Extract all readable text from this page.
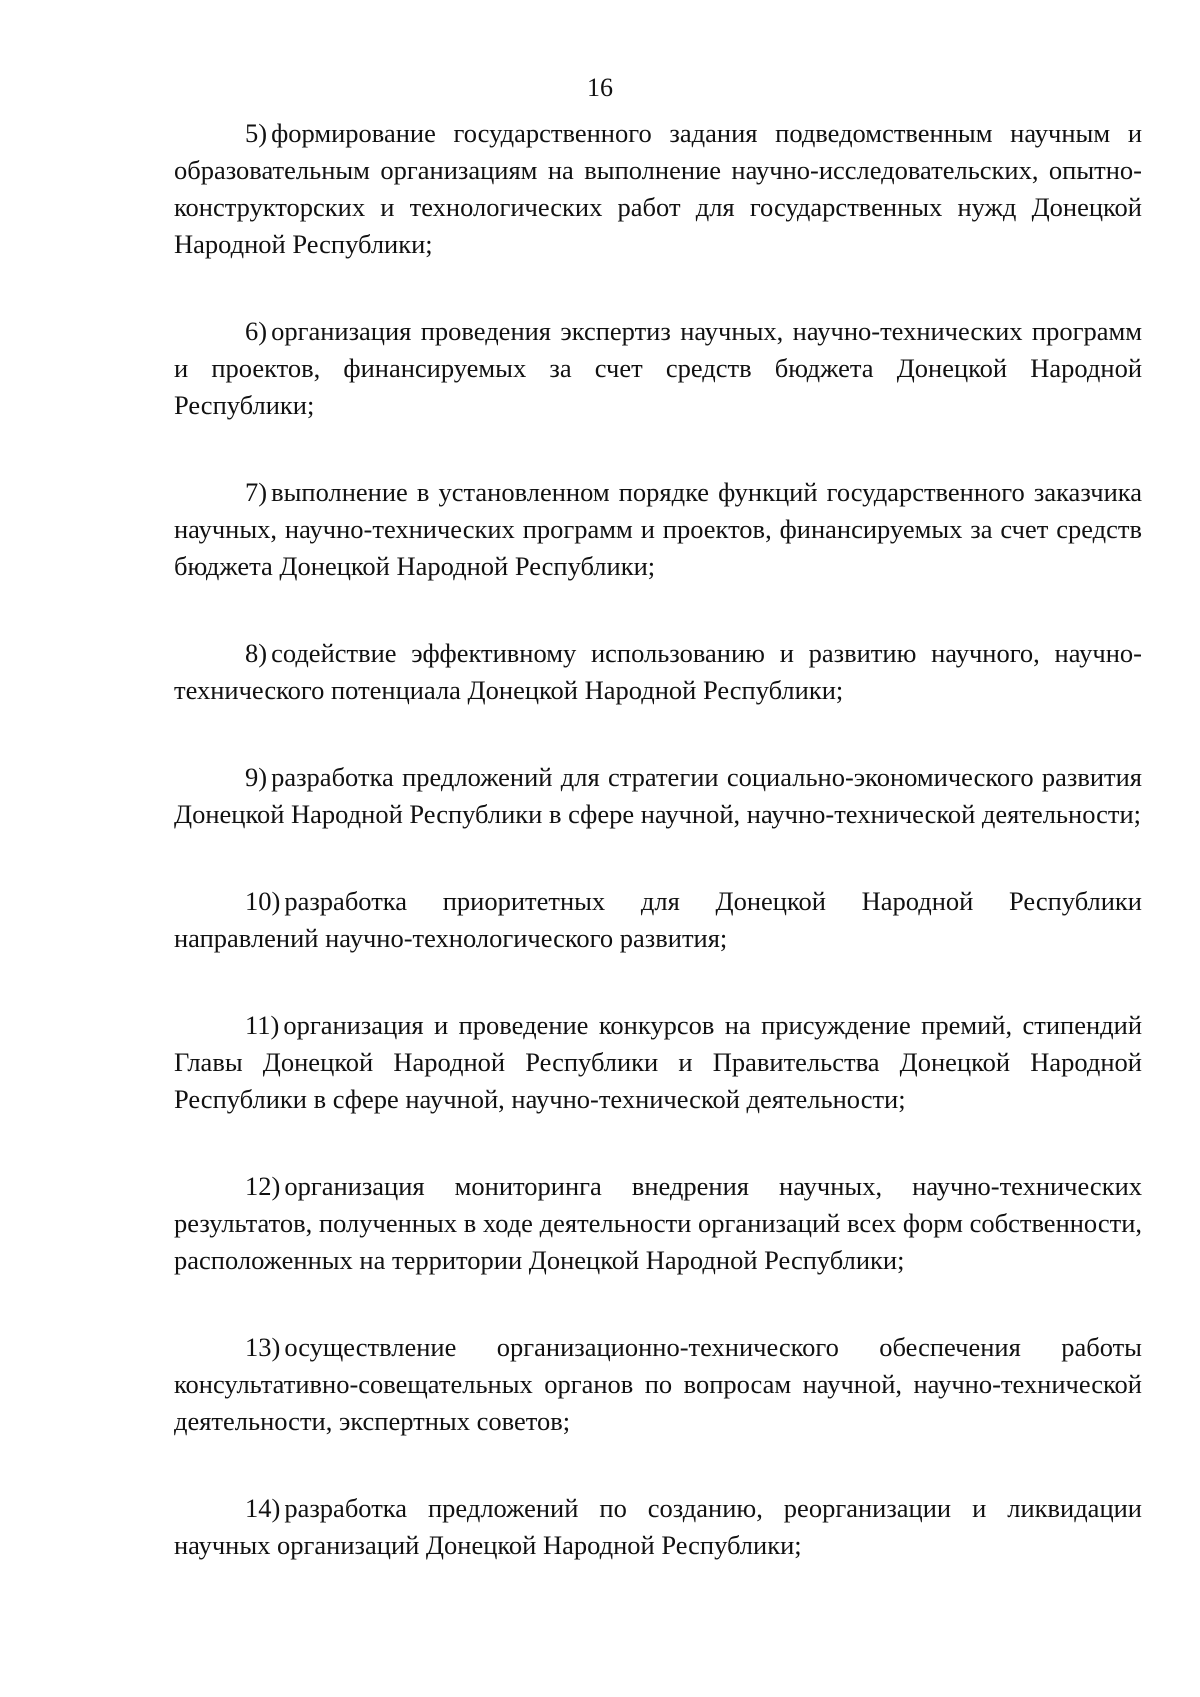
16

5) формирование государственного задания подведомственным научным и образовательным организациям на выполнение научно-исследовательских, опытно-конструкторских и технологических работ для государственных нужд Донецкой Народной Республики;
6) организация проведения экспертиз научных, научно-технических программ и проектов, финансируемых за счет средств бюджета Донецкой Народной Республики;
7) выполнение в установленном порядке функций государственного заказчика научных, научно-технических программ и проектов, финансируемых за счет средств бюджета Донецкой Народной Республики;
8) содействие эффективному использованию и развитию научного, научно-технического потенциала Донецкой Народной Республики;
9) разработка предложений для стратегии социально-экономического развития Донецкой Народной Республики в сфере научной, научно-технической деятельности;
10) разработка приоритетных для Донецкой Народной Республики направлений научно-технологического развития;
11) организация и проведение конкурсов на присуждение премий, стипендий Главы Донецкой Народной Республики и Правительства Донецкой Народной Республики в сфере научной, научно-технической деятельности;
12) организация мониторинга внедрения научных, научно-технических результатов, полученных в ходе деятельности организаций всех форм собственности, расположенных на территории Донецкой Народной Республики;
13) осуществление организационно-технического обеспечения работы консультативно-совещательных органов по вопросам научной, научно-технической деятельности, экспертных советов;
14) разработка предложений по созданию, реорганизации и ликвидации научных организаций Донецкой Народной Республики;
